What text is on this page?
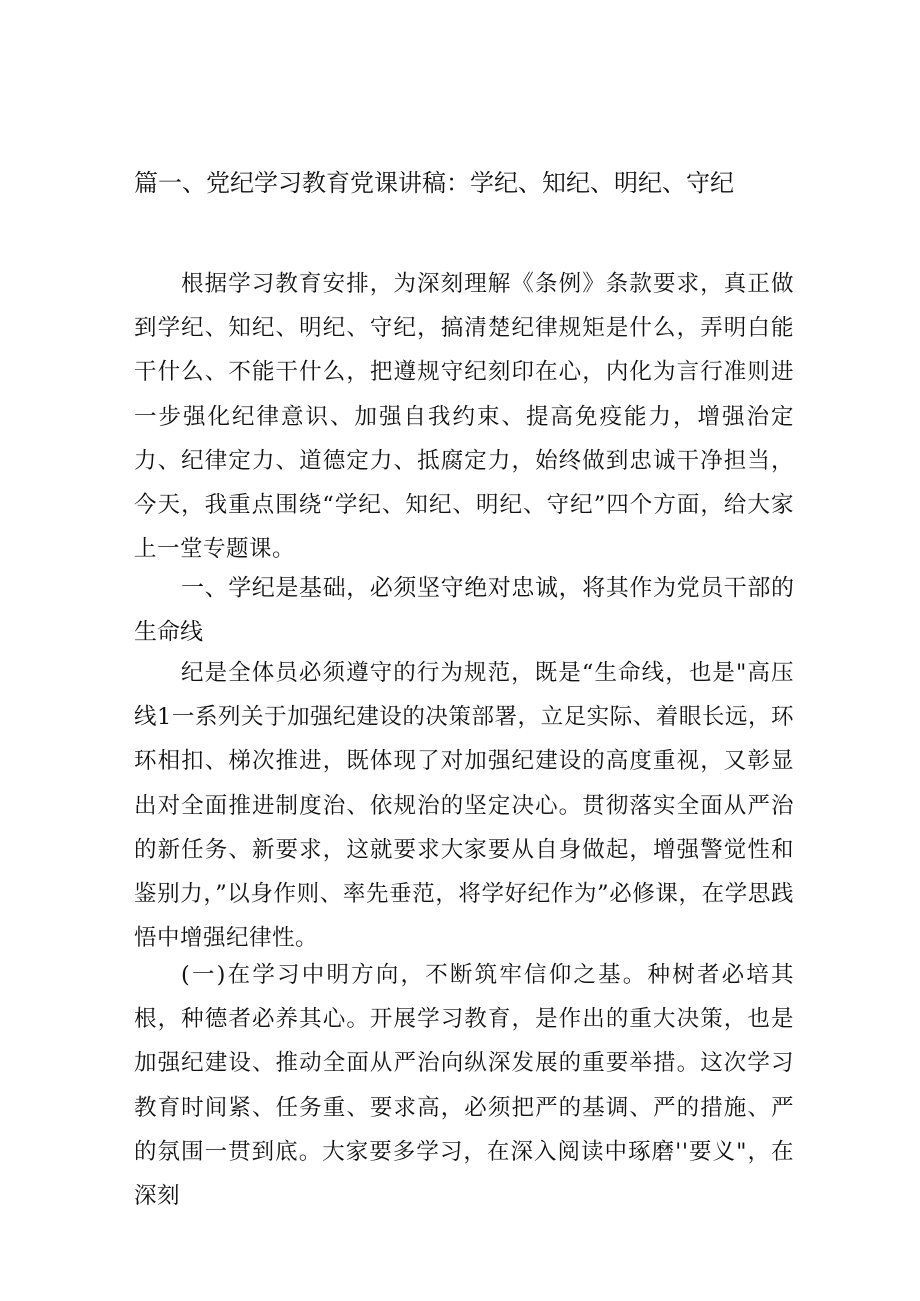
篇一、党纪学习教育党课讲稿：学纪、知纪、明纪、守纪

根据学习教育安排，为深刻理解《条例》条款要求，真正做到学纪、知纪、明纪、守纪，搞清楚纪律规矩是什么，弄明白能干什么、不能干什么，把遵规守纪刻印在心，内化为言行准则进一步强化纪律意识、加强自我约束、提高免疫能力，增强治定力、纪律定力、道德定力、抵腐定力，始终做到忠诚干净担当，今天，我重点围绕“学纪、知纪、明纪、守纪”四个方面，给大家上一堂专题课。

一、学纪是基础，必须坚守绝对忠诚，将其作为党员干部的生命线

纪是全体员必须遵守的行为规范，既是“生命线，也是"高压线1一系列关于加强纪建设的决策部署，立足实际、着眼长远，环环相扣、梯次推进，既体现了对加强纪建设的高度重视，又彰显出对全面推进制度治、依规治的坚定决心。贯彻落实全面从严治的新任务、新要求，这就要求大家要从自身做起，增强警觉性和鉴别力，”以身作则、率先垂范，将学好纪作为”必修课，在学思践悟中增强纪律性。

(一)在学习中明方向，不断筑牢信仰之基。种树者必培其根，种德者必养其心。开展学习教育，是作出的重大决策，也是加强纪建设、推动全面从严治向纵深发展的重要举措。这次学习教育时间紧、任务重、要求高，必须把严的基调、严的措施、严的氛围一贯到底。大家要多学习，在深入阅读中琢磨''要义"，在深刻
